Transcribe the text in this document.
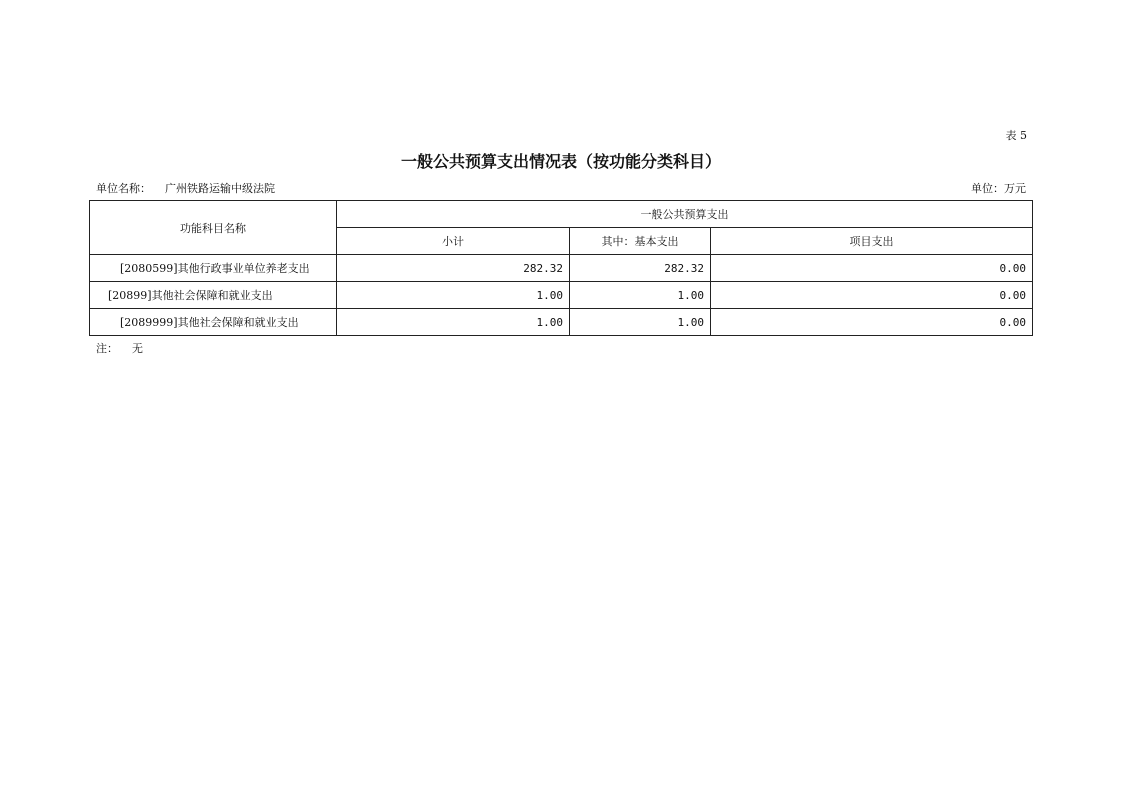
表 5
一般公共预算支出情况表（按功能分类科目）
单位名称： 广州铁路运输中级法院	单位：万元
功能科目名称	一般公共预算支出		
	小计	其中：基本支出	项目支出
[2080599]其他行政事业单位养老支出	282.32	282.32	0.00
[20899]其他社会保障和就业支出	1.00	1.00	0.00
[2089999]其他社会保障和就业支出	1.00	1.00	0.00
注： 无
